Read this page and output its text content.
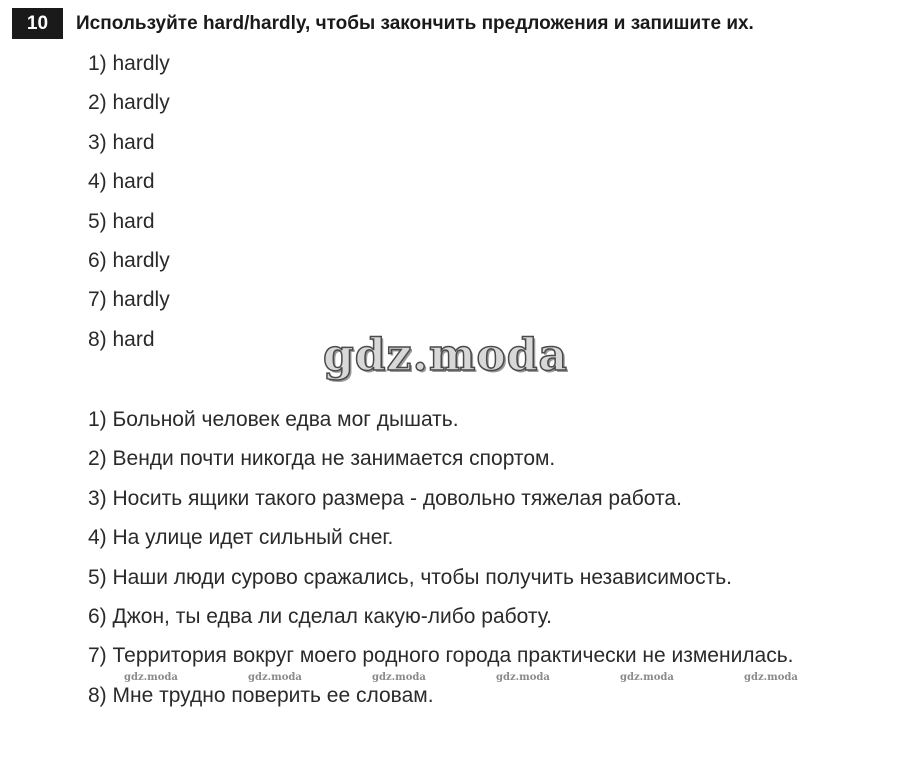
10	Используйте hard/hardly, чтобы закончить предложения и запишите их.
1) hardly
2) hardly
3) hard
4) hard
5) hard
6) hardly
7) hardly
8) hard	gdz.moda
1) Больной человек едва мог дышать.
2) Венди почти никогда не занимается спортом.
3) Носить ящики такого размера - довольно тяжелая работа.
4) На улице идет сильный снег.
5) Наши люди сурово сражались, чтобы получить независимость.
6) Джон, ты едва ли сделал какую-либо работу.
7) Территория вокруг моего родного города практически не изменилась.
8) Мне трудно поверить ее словам.
gdz.moda	gdz.moda	gdz.moda	gdz.moda	gdz.moda	gdz.moda
